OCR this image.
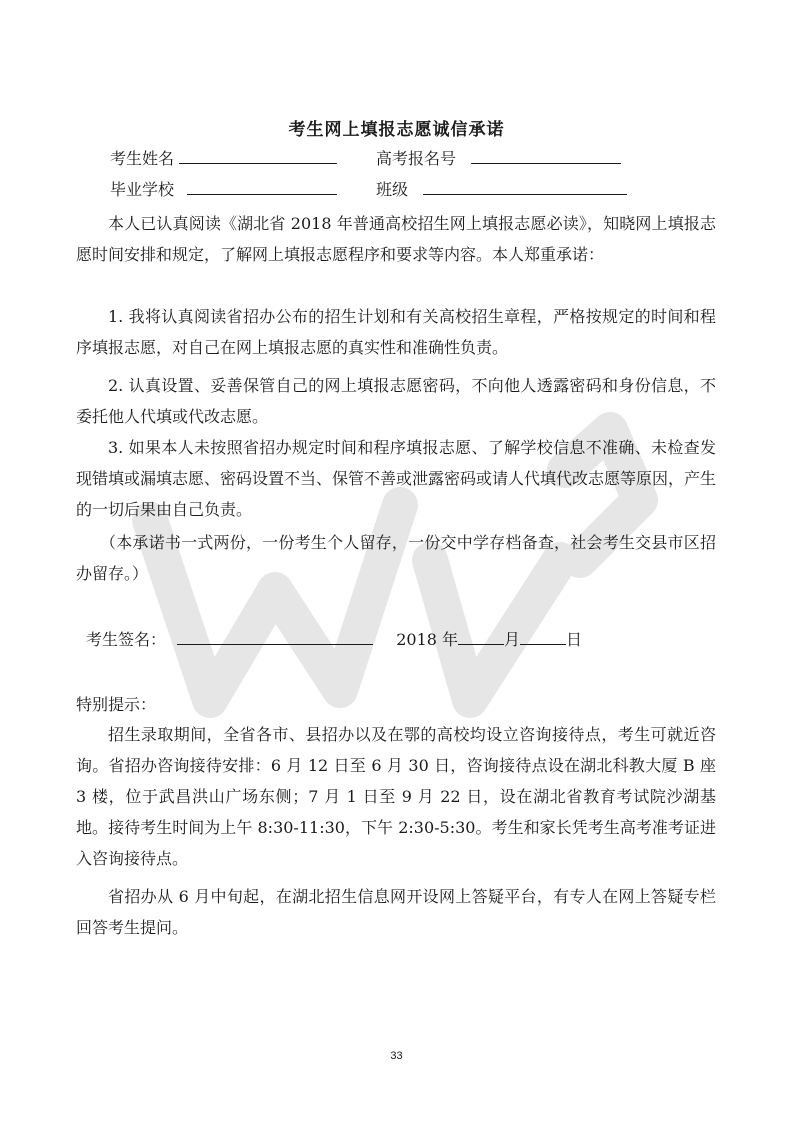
考生网上填报志愿诚信承诺
考生姓名	高考报名号
毕业学校	班级

本人已认真阅读《湖北省 2018 年普通高校招生网上填报志愿必读》，知晓网上填报志愿时间安排和规定，了解网上填报志愿程序和要求等内容。本人郑重承诺：

1. 我将认真阅读省招办公布的招生计划和有关高校招生章程，严格按规定的时间和程序填报志愿，对自己在网上填报志愿的真实性和准确性负责。

2. 认真设置、妥善保管自己的网上填报志愿密码，不向他人透露密码和身份信息，不委托他人代填或代改志愿。

3. 如果本人未按照省招办规定时间和程序填报志愿、了解学校信息不准确、未检查发现错填或漏填志愿、密码设置不当、保管不善或泄露密码或请人代填代改志愿等原因，产生的一切后果由自己负责。

（本承诺书一式两份，一份考生个人留存，一份交中学存档备查，社会考生交县市区招办留存。）

考生签名：	2018 年	月	日

特别提示：

招生录取期间，全省各市、县招办以及在鄂的高校均设立咨询接待点，考生可就近咨询。省招办咨询接待安排：6 月 12 日至 6 月 30 日，咨询接待点设在湖北科教大厦 B 座 3 楼，位于武昌洪山广场东侧；7 月 1 日至 9 月 22 日，设在湖北省教育考试院沙湖基地。接待考生时间为上午 8:30-11:30，下午 2:30-5:30。考生和家长凭考生高考准考证进入咨询接待点。

省招办从 6 月中旬起，在湖北招生信息网开设网上答疑平台，有专人在网上答疑专栏回答考生提问。

33
